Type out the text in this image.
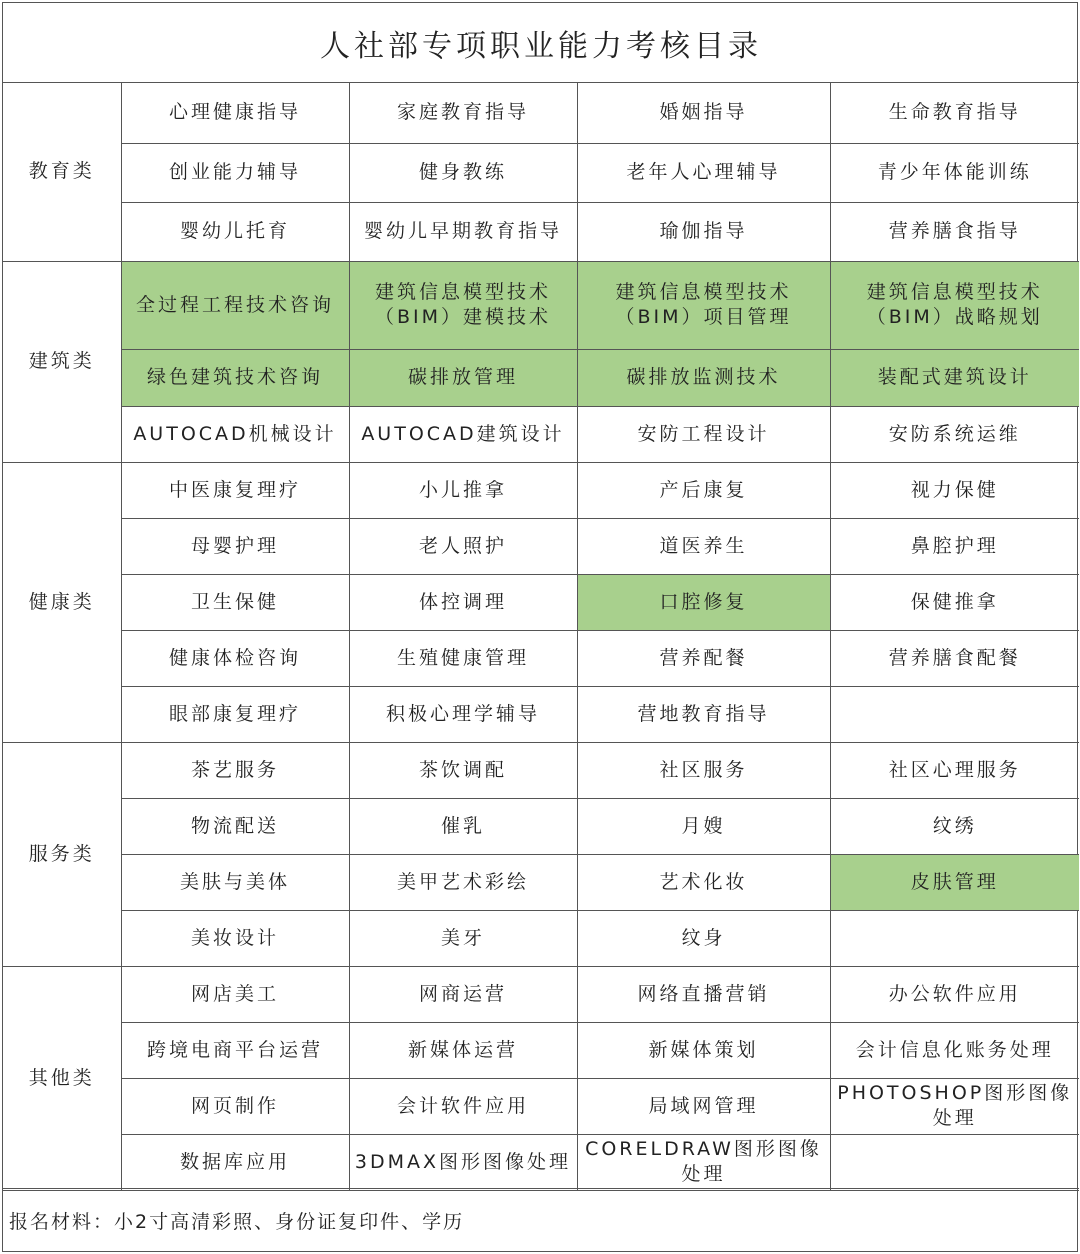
人社部专项职业能力考核目录
教育类	心理健康指导	家庭教育指导	婚姻指导	生命教育指导
	创业能力辅导	健身教练	老年人心理辅导	青少年体能训练
	婴幼儿托育	婴幼儿早期教育指导	瑜伽指导	营养膳食指导
建筑类	全过程工程技术咨询	建筑信息模型技术（BIM）建模技术	建筑信息模型技术（BIM）项目管理	建筑信息模型技术（BIM）战略规划
	绿色建筑技术咨询	碳排放管理	碳排放监测技术	装配式建筑设计
	AUTOCAD机械设计	AUTOCAD建筑设计	安防工程设计	安防系统运维
健康类	中医康复理疗	小儿推拿	产后康复	视力保健
	母婴护理	老人照护	道医养生	鼻腔护理
	卫生保健	体控调理	口腔修复	保健推拿
	健康体检咨询	生殖健康管理	营养配餐	营养膳食配餐
	眼部康复理疗	积极心理学辅导	营地教育指导	
服务类	茶艺服务	茶饮调配	社区服务	社区心理服务
	物流配送	催乳	月嫂	纹绣
	美肤与美体	美甲艺术彩绘	艺术化妆	皮肤管理
	美妆设计	美牙	纹身	
其他类	网店美工	网商运营	网络直播营销	办公软件应用
	跨境电商平台运营	新媒体运营	新媒体策划	会计信息化账务处理
	网页制作	会计软件应用	局域网管理	PHOTOSHOP图形图像处理
	数据库应用	3DMAX图形图像处理	CORELDRAW图形图像处理	
报名材料：小2寸高清彩照、身份证复印件、学历
